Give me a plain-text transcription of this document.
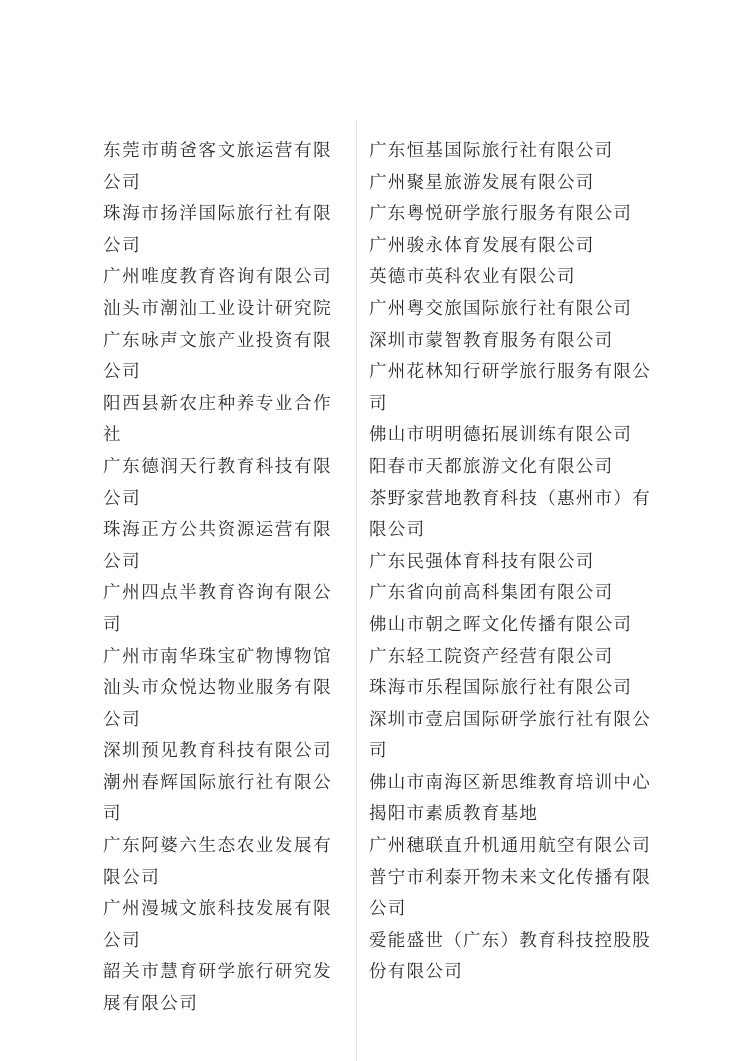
东莞市萌爸客文旅运营有限公司
珠海市扬洋国际旅行社有限公司
广州唯度教育咨询有限公司
汕头市潮汕工业设计研究院
广东咏声文旅产业投资有限公司
阳西县新农庄种养专业合作社
广东德润天行教育科技有限公司
珠海正方公共资源运营有限公司
广州四点半教育咨询有限公司
广州市南华珠宝矿物博物馆
汕头市众悦达物业服务有限公司
深圳预见教育科技有限公司
潮州春辉国际旅行社有限公司
广东阿婆六生态农业发展有限公司
广州漫城文旅科技发展有限公司
韶关市慧育研学旅行研究发展有限公司
广东恒基国际旅行社有限公司
广州聚星旅游发展有限公司
广东粤悦研学旅行服务有限公司
广州骏永体育发展有限公司
英德市英科农业有限公司
广州粤交旅国际旅行社有限公司
深圳市蒙智教育服务有限公司
广州花林知行研学旅行服务有限公司
佛山市明明德拓展训练有限公司
阳春市天都旅游文化有限公司
茶野家营地教育科技（惠州市）有限公司
广东民强体育科技有限公司
广东省向前高科集团有限公司
佛山市朝之晖文化传播有限公司
广东轻工院资产经营有限公司
珠海市乐程国际旅行社有限公司
深圳市壹启国际研学旅行社有限公司
佛山市南海区新思维教育培训中心
揭阳市素质教育基地
广州穗联直升机通用航空有限公司
普宁市利泰开物未来文化传播有限公司
爱能盛世（广东）教育科技控股股份有限公司
